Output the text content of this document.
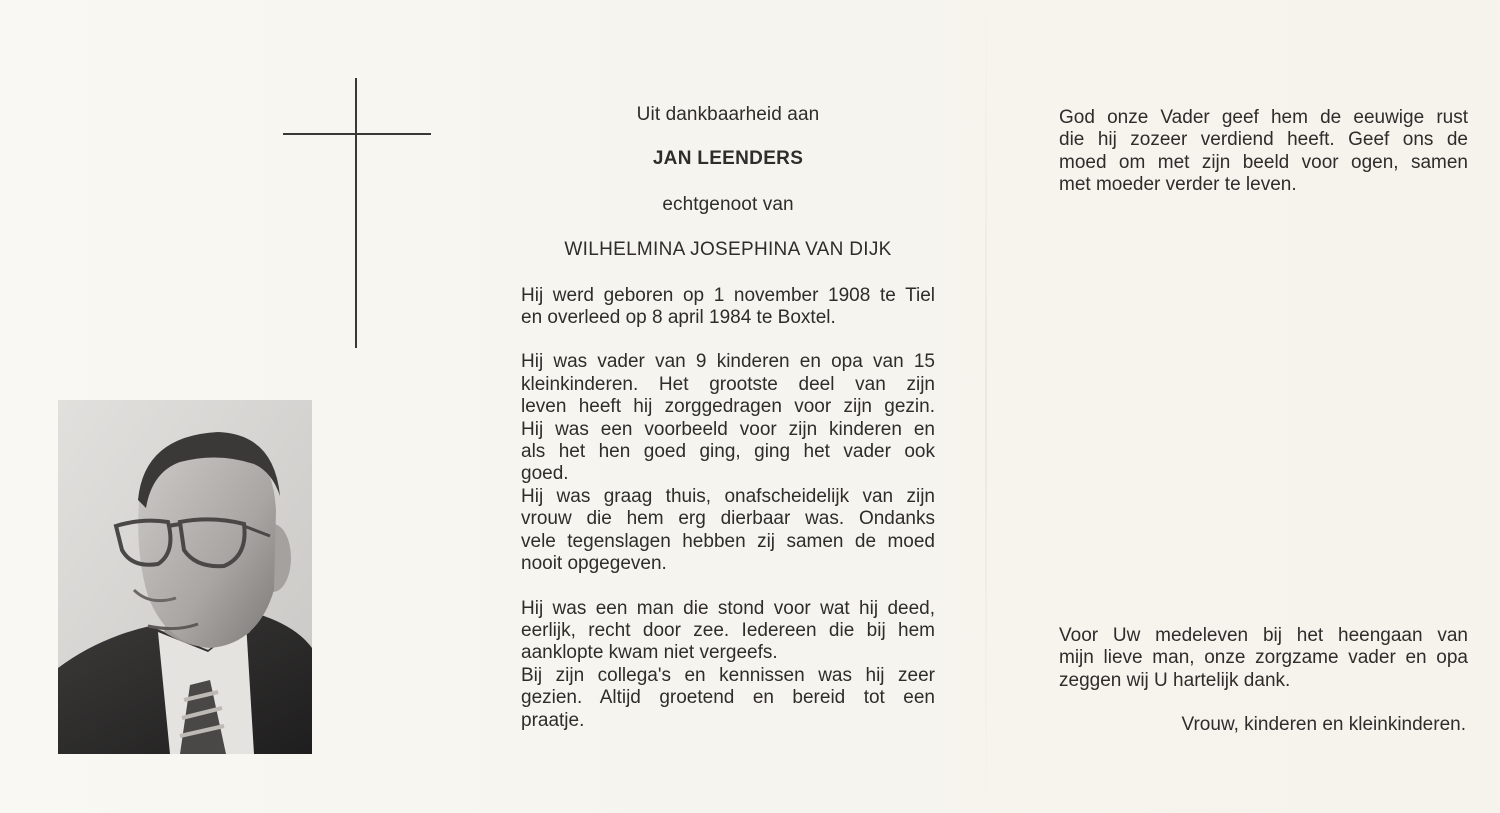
Uit dankbaarheid aan

JAN LEENDERS

echtgenoot van

WILHELMINA JOSEPHINA VAN DIJK

Hij werd geboren op 1 november 1908 te Tiel
en overleed op 8 april 1984 te Boxtel.

Hij was vader van 9 kinderen en opa van 15
kleinkinderen. Het grootste deel van zijn
leven heeft hij zorggedragen voor zijn gezin.
Hij was een voorbeeld voor zijn kinderen en
als het hen goed ging, ging het vader ook
goed.
Hij was graag thuis, onafscheidelijk van zijn
vrouw die hem erg dierbaar was. Ondanks
vele tegenslagen hebben zij samen de moed
nooit opgegeven.

Hij was een man die stond voor wat hij deed,
eerlijk, recht door zee. Iedereen die bij hem
aanklopte kwam niet vergeefs.
Bij zijn collega's en kennissen was hij zeer
gezien. Altijd groetend en bereid tot een
praatje.

God onze Vader geef hem de eeuwige rust
die hij zozeer verdiend heeft. Geef ons de
moed om met zijn beeld voor ogen, samen
met moeder verder te leven.

Voor Uw medeleven bij het heengaan van
mijn lieve man, onze zorgzame vader en opa
zeggen wij U hartelijk dank.

Vrouw, kinderen en kleinkinderen.
